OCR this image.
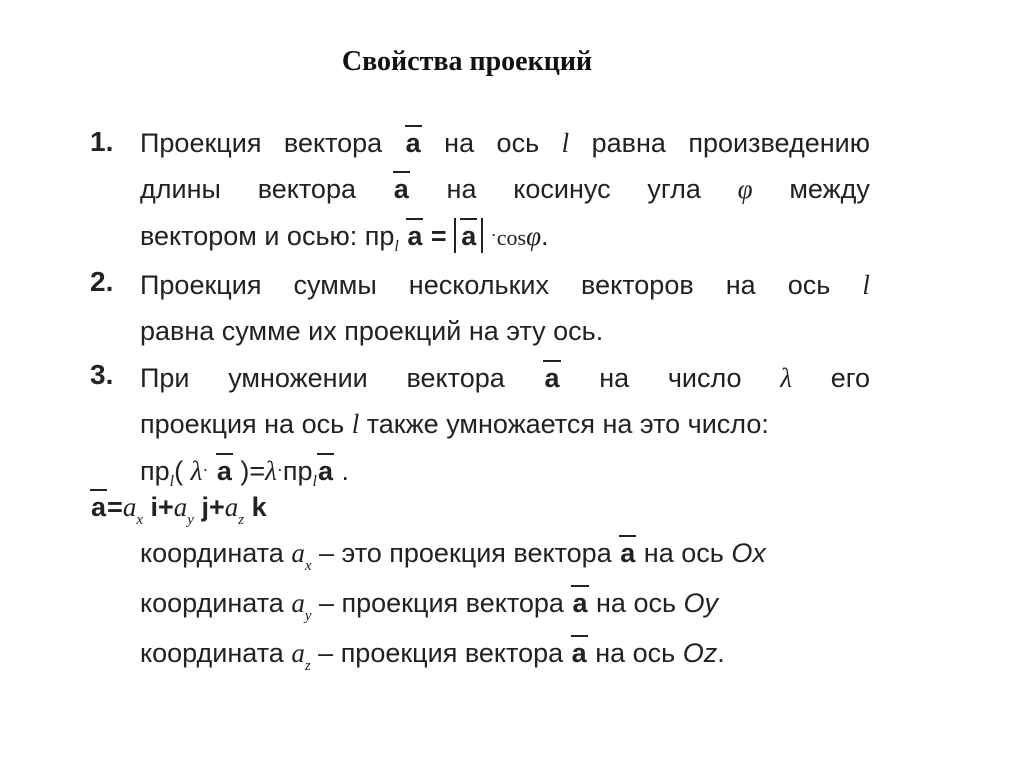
Свойства проекций
1. Проекция вектора a на ось l равна произведению
длины вектора a на косинус угла φ между
вектором и осью: $пр_l$ a = a ·cosφ.
2. Проекция суммы нескольких векторов на ось l
равна сумме их проекций на эту ось.
3. При умножении вектора a на число λ его
проекция на ось l также умножается на это число:
$пр_l$( λ· a )$=\lambda\cdot пр_la$ .
$a=a_x$ $i+a_y$ $j+a_z$ k
координата $a_x$ – это проекция вектора a на ось Ox
координата $a_y$ – проекция вектора a на ось Oy
координата $a_z$ – проекция вектора a на ось Oz.
